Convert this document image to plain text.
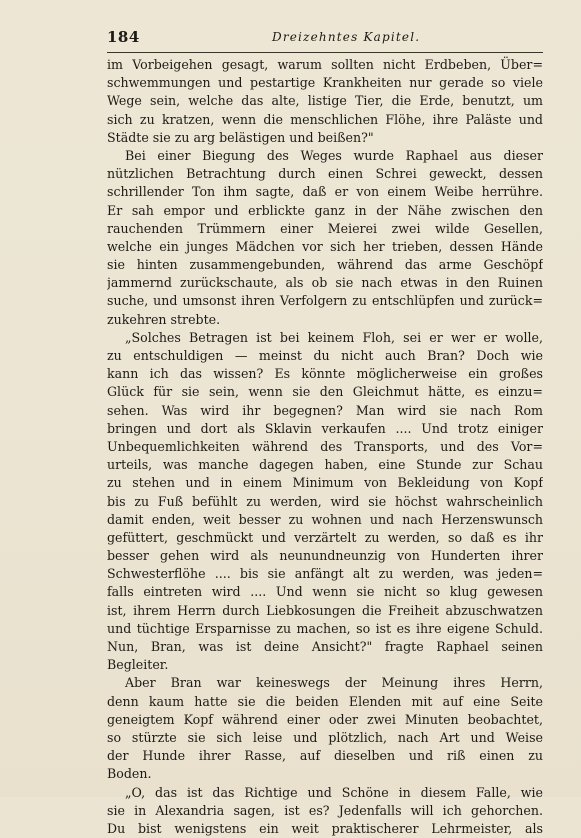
184	Dreizehntes Kapitel.
im Vorbeigehen gesagt, warum sollten nicht Erdbeben, Über=
schwemmungen und pestartige Krankheiten nur gerade so viele
Wege sein, welche das alte, listige Tier, die Erde, benutzt, um
sich zu kratzen, wenn die menschlichen Flöhe, ihre Paläste und
Städte sie zu arg belästigen und beißen?"
Bei einer Biegung des Weges wurde Raphael aus dieser
nützlichen Betrachtung durch einen Schrei geweckt, dessen
schrillender Ton ihm sagte, daß er von einem Weibe herrühre.
Er sah empor und erblickte ganz in der Nähe zwischen den
rauchenden Trümmern einer Meierei zwei wilde Gesellen,
welche ein junges Mädchen vor sich her trieben, dessen Hände
sie hinten zusammengebunden, während das arme Geschöpf
jammernd zurückschaute, als ob sie nach etwas in den Ruinen
suche, und umsonst ihren Verfolgern zu entschlüpfen und zurück=
zukehren strebte.
„Solches Betragen ist bei keinem Floh, sei er wer er wolle,
zu entschuldigen — meinst du nicht auch Bran? Doch wie
kann ich das wissen? Es könnte möglicherweise ein großes
Glück für sie sein, wenn sie den Gleichmut hätte, es einzu=
sehen. Was wird ihr begegnen? Man wird sie nach Rom
bringen und dort als Sklavin verkaufen .... Und trotz einiger
Unbequemlichkeiten während des Transports, und des Vor=
urteils, was manche dagegen haben, eine Stunde zur Schau
zu stehen und in einem Minimum von Bekleidung von Kopf
bis zu Fuß befühlt zu werden, wird sie höchst wahrscheinlich
damit enden, weit besser zu wohnen und nach Herzenswunsch
gefüttert, geschmückt und verzärtelt zu werden, so daß es ihr
besser gehen wird als neunundneunzig von Hunderten ihrer
Schwesterflöhe .... bis sie anfängt alt zu werden, was jeden=
falls eintreten wird .... Und wenn sie nicht so klug gewesen
ist, ihrem Herrn durch Liebkosungen die Freiheit abzuschwatzen
und tüchtige Ersparnisse zu machen, so ist es ihre eigene Schuld.
Nun, Bran, was ist deine Ansicht?" fragte Raphael seinen
Begleiter.
Aber Bran war keineswegs der Meinung ihres Herrn,
denn kaum hatte sie die beiden Elenden mit auf eine Seite
geneigtem Kopf während einer oder zwei Minuten beobachtet,
so stürzte sie sich leise und plötzlich, nach Art und Weise
der Hunde ihrer Rasse, auf dieselben und riß einen zu
Boden.
„O, das ist das Richtige und Schöne in diesem Falle, wie
sie in Alexandria sagen, ist es? Jedenfalls will ich gehorchen.
Du bist wenigstens ein weit praktischerer Lehrmeister, als
